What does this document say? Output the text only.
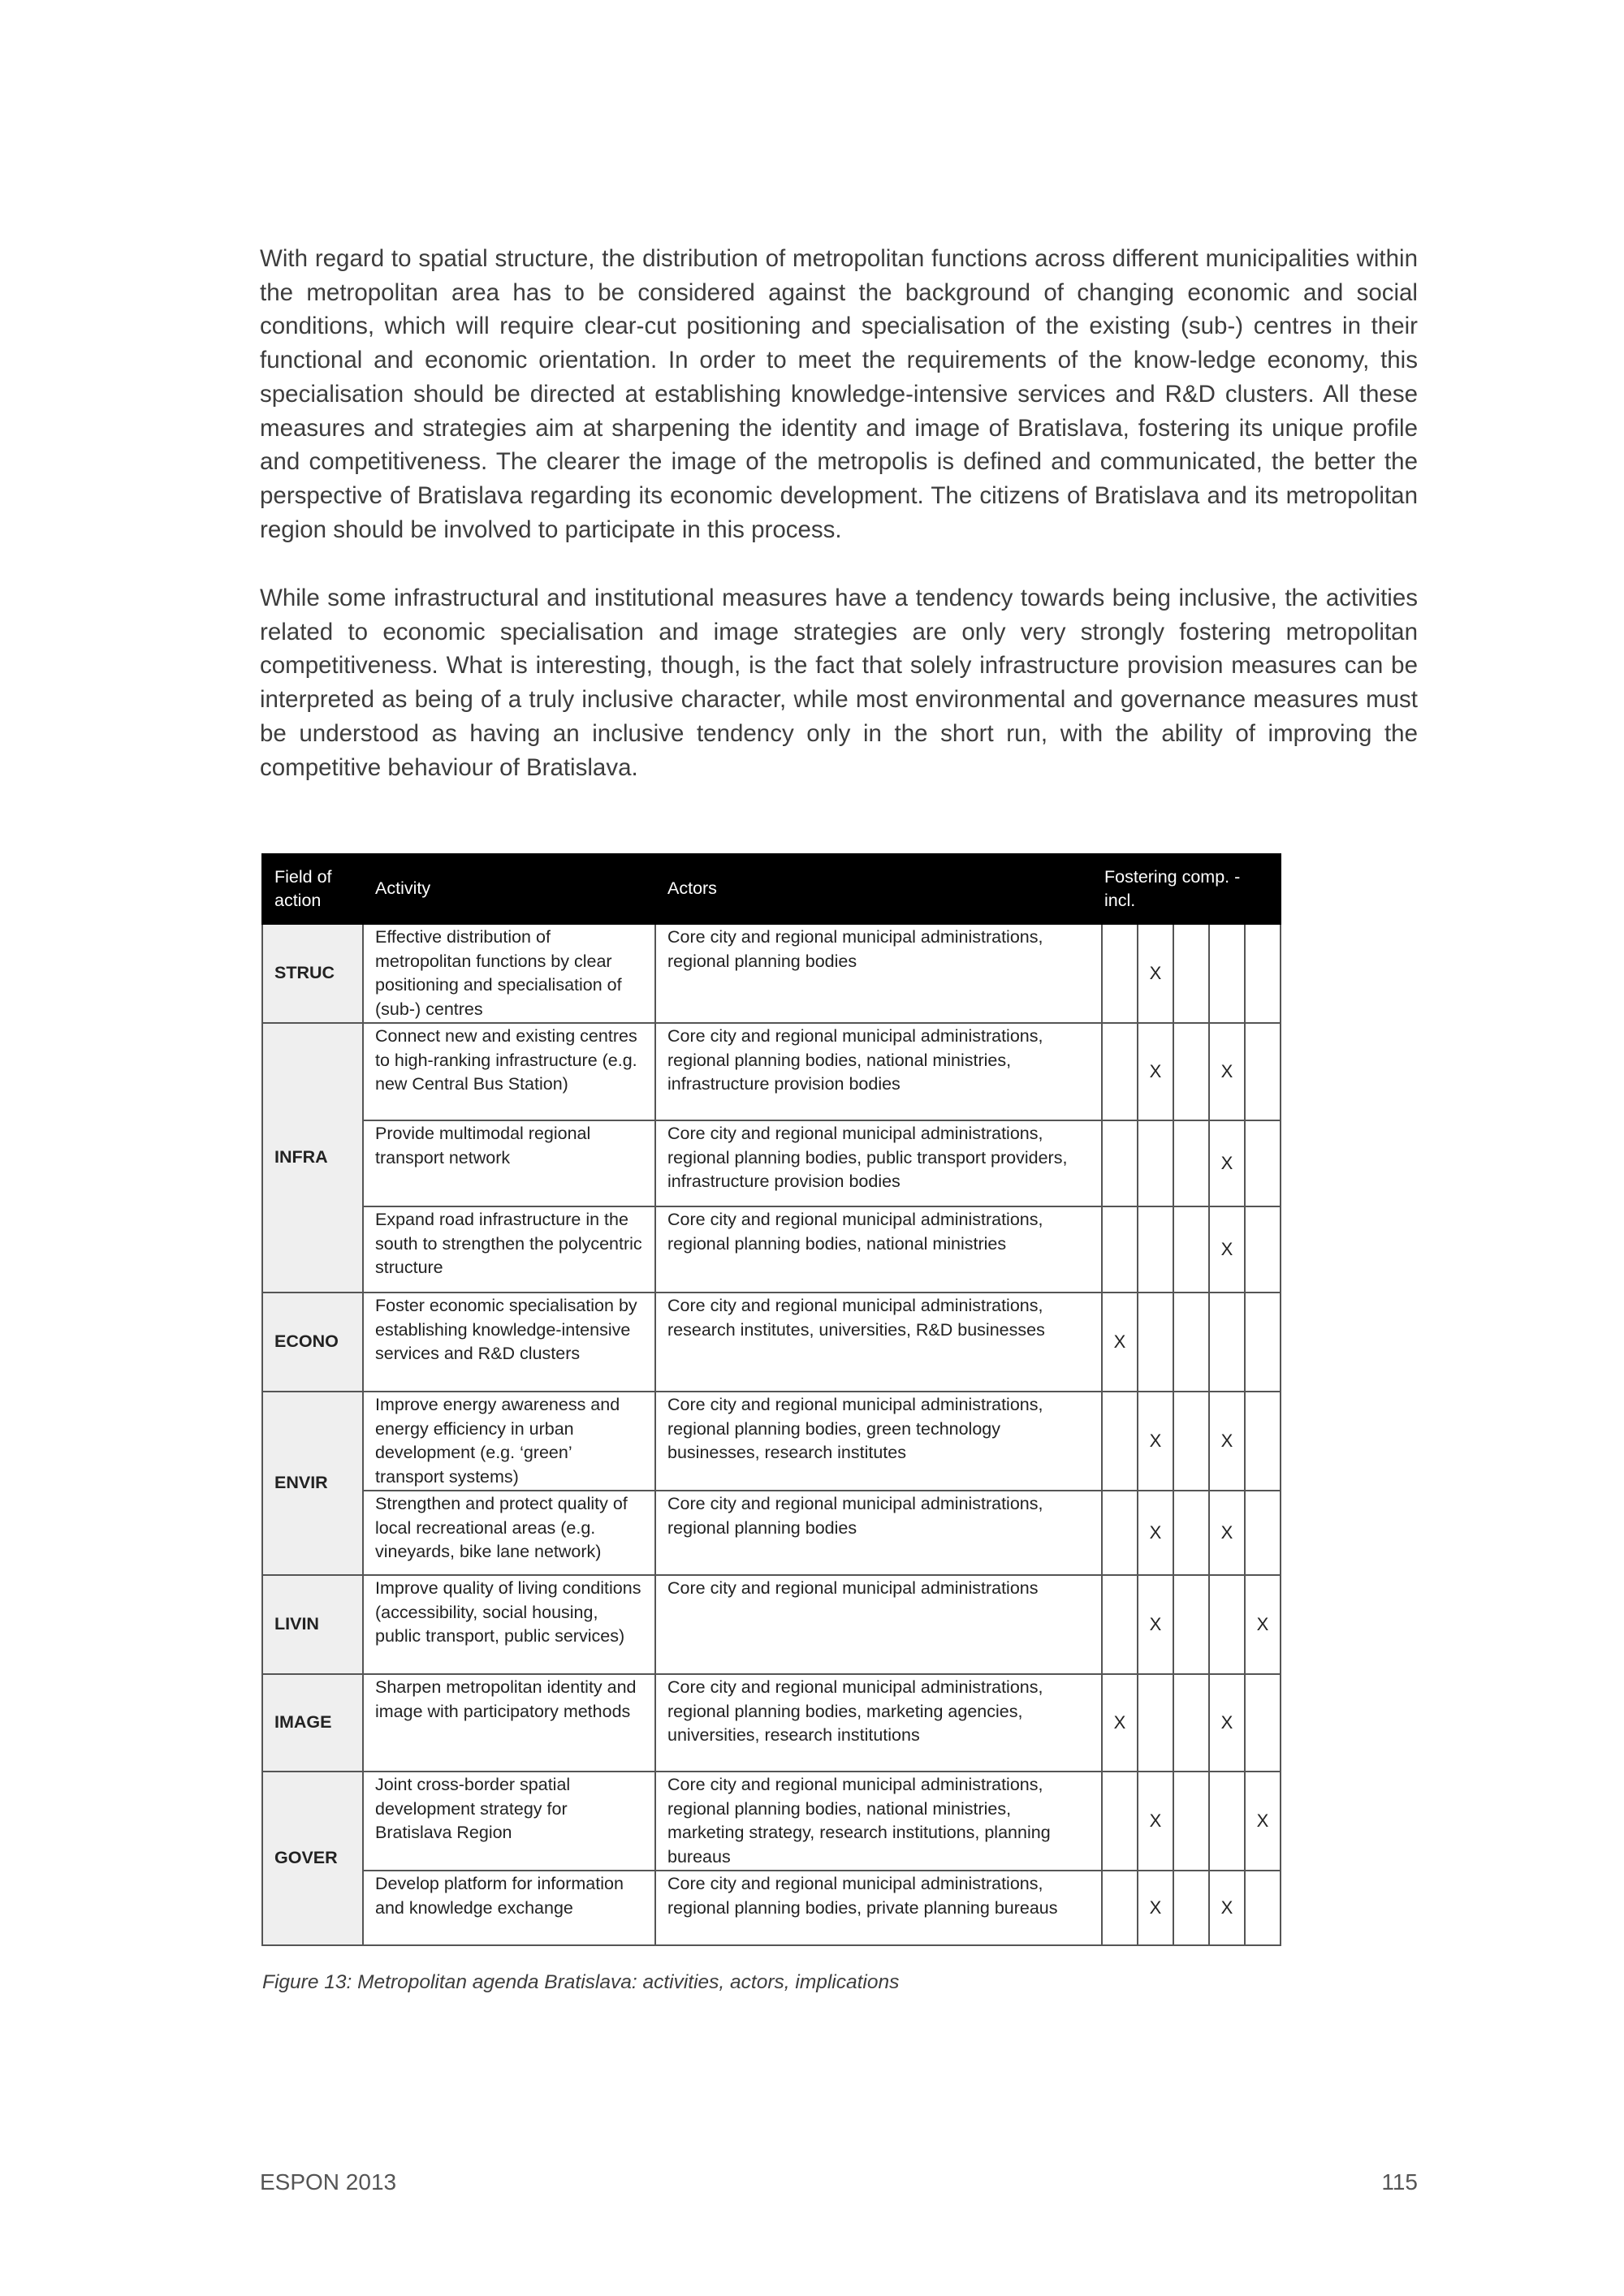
With regard to spatial structure, the distribution of metropolitan functions across different municipalities within the metropolitan area has to be considered against the background of changing economic and social conditions, which will require clear-cut positioning and specialisation of the existing (sub-) centres in their functional and economic orientation. In order to meet the requirements of the know-ledge economy, this specialisation should be directed at establishing knowledge-intensive services and R&D clusters. All these measures and strategies aim at sharpening the identity and image of Bratislava, fostering its unique profile and competitiveness. The clearer the image of the metropolis is defined and communicated, the better the perspective of Bratislava regarding its economic development. The citizens of Bratislava and its metropolitan region should be involved to participate in this process.

While some infrastructural and institutional measures have a tendency towards being inclusive, the activities related to economic specialisation and image strategies are only very strongly fostering metropolitan competitiveness. What is interesting, though, is the fact that solely infrastructure provision measures can be interpreted as being of a truly inclusive character, while most environmental and governance measures must be understood as having an inclusive tendency only in the short run, with the ability of improving the competitive behaviour of Bratislava.

Field of action	Activity	Actors	Fostering comp. - incl.				
STRUC	Effective distribution of metropolitan functions by clear positioning and specialisation of (sub-) centres	Core city and regional municipal administrations, regional planning bodies		X			
INFRA	Connect new and existing centres to high-ranking infrastructure (e.g. new Central Bus Station)	Core city and regional municipal administrations, regional planning bodies, national ministries, infrastructure provision bodies		X		X	
	Provide multimodal regional transport network	Core city and regional municipal administrations, regional planning bodies, public transport providers, infrastructure provision bodies				X	
	Expand road infrastructure in the south to strengthen the polycentric structure	Core city and regional municipal administrations, regional planning bodies, national ministries				X	
ECONO	Foster economic specialisation by establishing knowledge-intensive services and R&D clusters	Core city and regional municipal administrations, research institutes, universities, R&D businesses	X				
ENVIR	Improve energy awareness and energy efficiency in urban development (e.g. ‘green’ transport systems)	Core city and regional municipal administrations, regional planning bodies, green technology businesses, research institutes		X		X	
	Strengthen and protect quality of local recreational areas (e.g. vineyards, bike lane network)	Core city and regional municipal administrations, regional planning bodies		X		X	
LIVIN	Improve quality of living conditions (accessibility, social housing, public transport, public services)	Core city and regional municipal administrations		X			X
IMAGE	Sharpen metropolitan identity and image with participatory methods	Core city and regional municipal administrations, regional planning bodies, marketing agencies, universities, research institutions	X			X	
GOVER	Joint cross-border spatial development strategy for Bratislava Region	Core city and regional municipal administrations, regional planning bodies, national ministries, marketing strategy, research institutions, planning bureaus		X			X
	Develop platform for information and knowledge exchange	Core city and regional municipal administrations, regional planning bodies, private planning bureaus		X		X	

Figure 13: Metropolitan agenda Bratislava: activities, actors, implications

ESPON 2013	115
